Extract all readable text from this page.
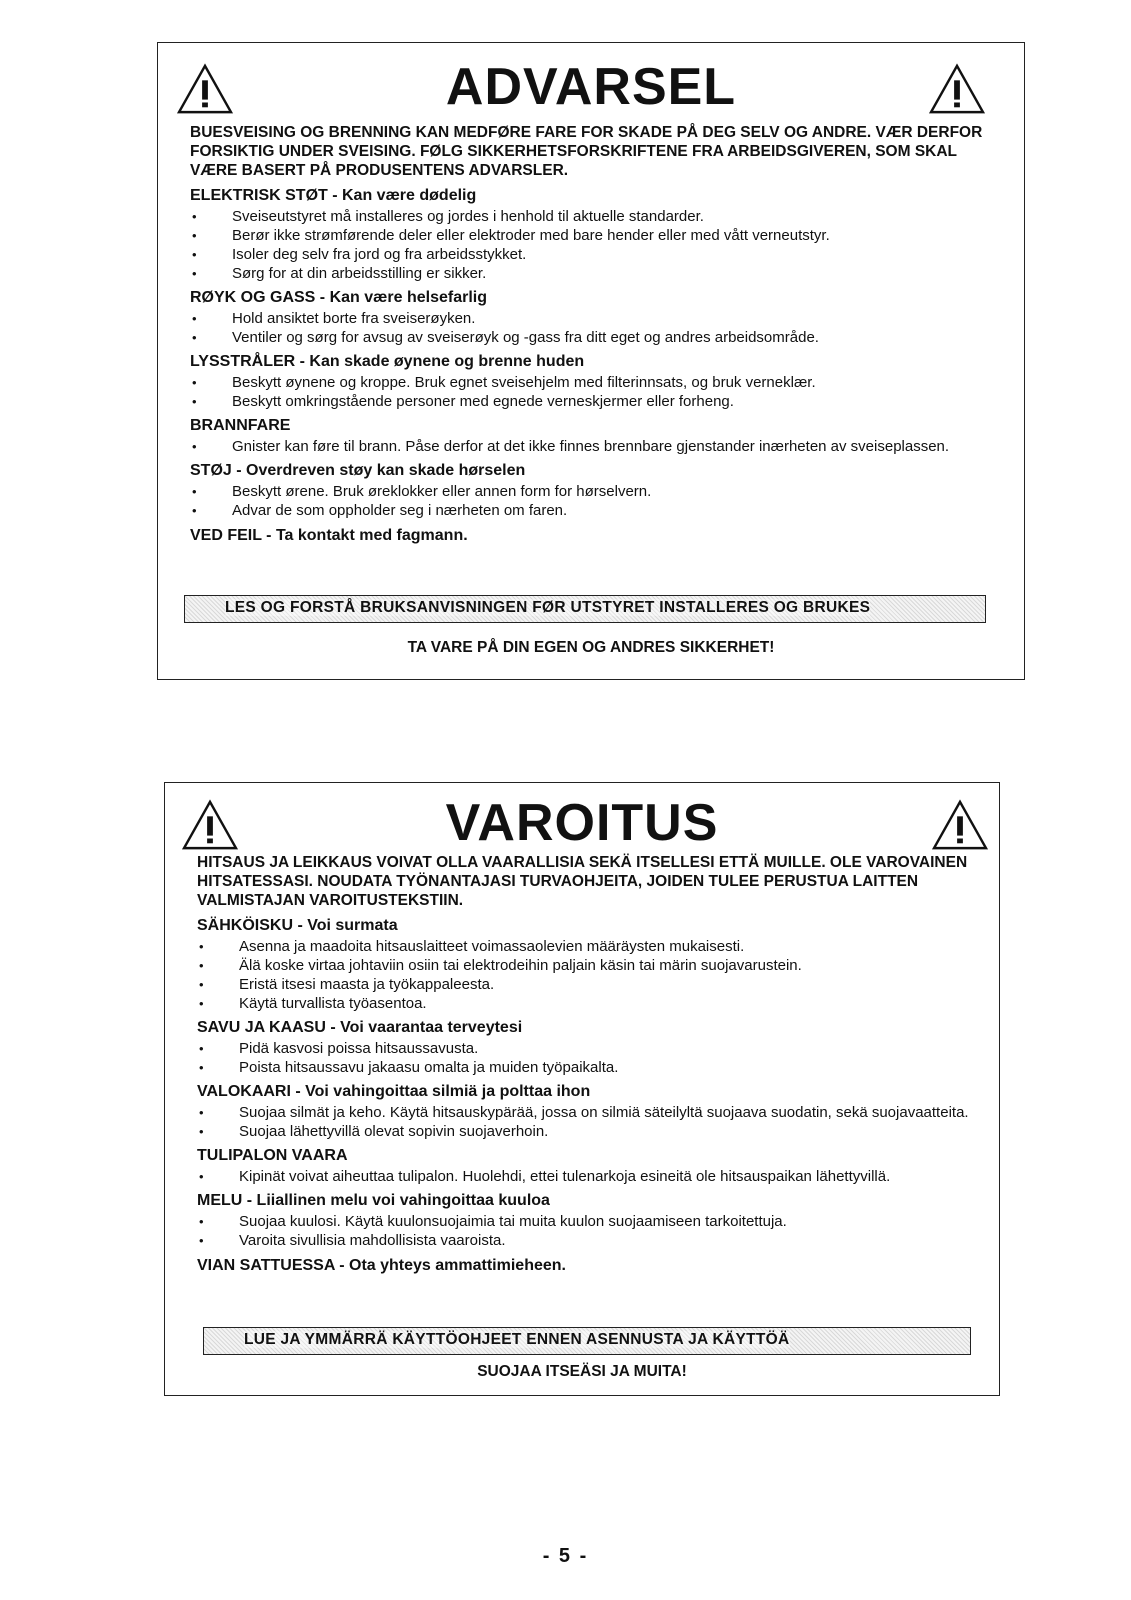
ADVARSEL

BUESVEISING OG BRENNING KAN MEDFØRE FARE FOR SKADE PÅ DEG SELV OG ANDRE. VÆR DERFOR FORSIKTIG UNDER SVEISING. FØLG SIKKERHETSFORSKRIFTENE FRA ARBEIDSGIVEREN, SOM SKAL VÆRE BASERT PÅ PRODUSENTENS ADVARSLER.

ELEKTRISK STØT - Kan være dødelig
• Sveiseutstyret må installeres og jordes i henhold til aktuelle standarder.
• Berør ikke strømførende deler eller elektroder med bare hender eller med vått verneutstyr.
• Isoler deg selv fra jord og fra arbeidsstykket.
• Sørg for at din arbeidsstilling er sikker.
RØYK OG GASS - Kan være helsefarlig
• Hold ansiktet borte fra sveiserøyken.
• Ventiler og sørg for avsug av sveiserøyk og -gass fra ditt eget og andres arbeidsområde.
LYSSTRÅLER - Kan skade øynene og brenne huden
• Beskytt øynene og kroppe. Bruk egnet sveisehjelm med filterinnsats, og bruk verneklær.
• Beskytt omkringstående personer med egnede verneskjermer eller forheng.
BRANNFARE
• Gnister kan føre til brann. Påse derfor at det ikke finnes brennbare gjenstander inærheten av sveiseplassen.
STØJ - Overdreven støy kan skade hørselen
• Beskytt ørene. Bruk øreklokker eller annen form for hørselvern.
• Advar de som oppholder seg i nærheten om faren.
VED FEIL - Ta kontakt med fagmann.
LES OG FORSTÅ BRUKSANVISNINGEN FØR UTSTYRET INSTALLERES OG BRUKES
TA VARE PÅ DIN EGEN OG ANDRES SIKKERHET!
VAROITUS

HITSAUS JA LEIKKAUS VOIVAT OLLA VAARALLISIA SEKÄ ITSELLESI ETTÄ MUILLE. OLE VAROVAINEN HITSATESSASI. NOUDATA TYÖNANTAJASI TURVAOHJEITA, JOIDEN TULEE PERUSTUA LAITTEN VALMISTAJAN VAROITUSTEKSTIIN.

SÄHKÖISKU - Voi surmata
• Asenna ja maadoita hitsauslaitteet voimassaolevien määräysten mukaisesti.
• Älä koske virtaa johtaviin osiin tai elektrodeihin paljain käsin tai märin suojavarustein.
• Eristä itsesi maasta ja työkappaleesta.
• Käytä turvallista työasentoa.
SAVU JA KAASU - Voi vaarantaa terveytesi
• Pidä kasvosi poissa hitsaussavusta.
• Poista hitsaussavu jakaasu omalta ja muiden työpaikalta.
VALOKAARI - Voi vahingoittaa silmiä ja polttaa ihon
• Suojaa silmät ja keho. Käytä hitsauskypärää, jossa on silmiä säteilyltä suojaava suodatin, sekä suojavaatteita.
• Suojaa lähettyvillä olevat sopivin suojaverhoin.
TULIPALON VAARA
• Kipinät voivat aiheuttaa tulipalon. Huolehdi, ettei tulenarkoja esineitä ole hitsauspaikan lähettyvillä.
MELU - Liiallinen melu voi vahingoittaa kuuloa
• Suojaa kuulosi. Käytä kuulonsuojaimia tai muita kuulon suojaamiseen tarkoitettuja.
• Varoita sivullisia mahdollisista vaaroista.
VIAN SATTUESSA - Ota yhteys ammattimieheen.
LUE JA YMMÄRRÄ KÄYTTÖOHJEET ENNEN ASENNUSTA JA KÄYTTÖÄ
SUOJAA ITSEÄSI JA MUITA!
- 5 -
